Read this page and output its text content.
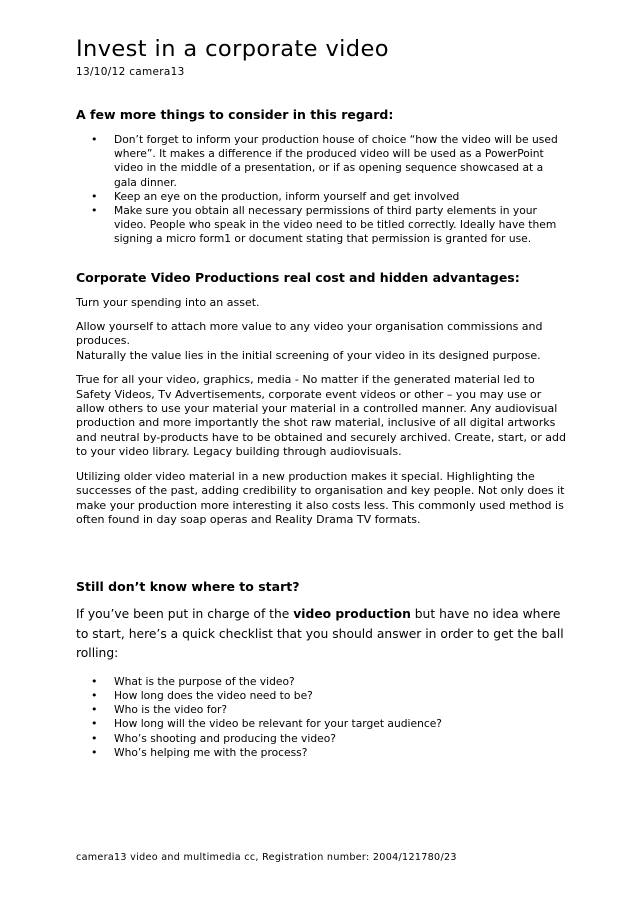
Invest in a corporate video
13/10/12 camera13
A few more things to consider in this regard:
• Don’t forget to inform your production house of choice “how the video will be used where”. It makes a difference if the produced video will be used as a PowerPoint video in the middle of a presentation, or if as opening sequence showcased at a gala dinner.
• Keep an eye on the production, inform yourself and get involved
• Make sure you obtain all necessary permissions of third party elements in your video. People who speak in the video need to be titled correctly. Ideally have them signing a micro form1 or document stating that permission is granted for use.
Corporate Video Productions real cost and hidden advantages:

Turn your spending into an asset.

Allow yourself to attach more value to any video your organisation commissions and produces.

Naturally the value lies in the initial screening of your video in its designed purpose.

True for all your video, graphics, media - No matter if the generated material led to Safety Videos, Tv Advertisements, corporate event videos or other – you may use or allow others to use your material your material in a controlled manner. Any audiovisual production and more importantly the shot raw material, inclusive of all digital artworks and neutral by-products have to be obtained and securely archived. Create, start, or add to your video library. Legacy building through audiovisuals.

Utilizing older video material in a new production makes it special. Highlighting the successes of the past, adding credibility to organisation and key people. Not only does it make your production more interesting it also costs less. This commonly used method is often found in day soap operas and Reality Drama TV formats.

Still don’t know where to start?

If you’ve been put in charge of the video production but have no idea where to start, here’s a quick checklist that you should answer in order to get the ball rolling:

• What is the purpose of the video?
• How long does the video need to be?
• Who is the video for?
• How long will the video be relevant for your target audience?
• Who’s shooting and producing the video?
• Who’s helping me with the process?
camera13 video and multimedia cc, Registration number: 2004/121780/23
